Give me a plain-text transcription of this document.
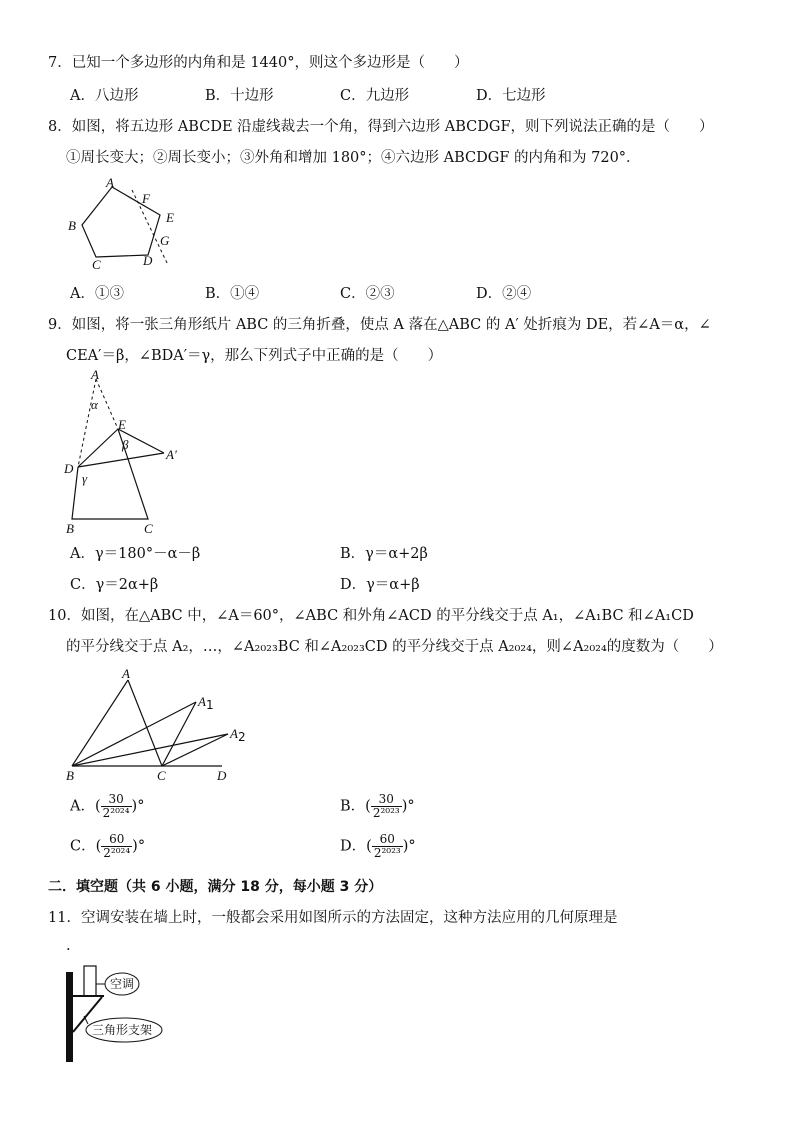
7．已知一个多边形的内角和是 1440°，则这个多边形是（　　）
A．八边形	B．十边形	C．九边形	D．七边形
8．如图，将五边形 ABCDE 沿虚线裁去一个角，得到六边形 ABCDGF，则下列说法正确的是（　　）
①周长变大；②周长变小；③外角和增加 180°；④六边形 ABCDGF 的内角和为 720°．
A
B
C	D
E
F
G
A．①③	B．①④	C．②③	D．②④
9．如图，将一张三角形纸片 ABC 的三角折叠，使点 A 落在△ABC 的 A′ 处折痕为 DE，若∠A＝α，∠
CEA′＝β，∠BDA′＝γ，那么下列式子中正确的是（　　）
A
α
E
β
A′
D
γ
B	C
A．γ＝180°－α－β	B．γ＝α+2β
C．γ＝2α+β	D．γ＝α+β
10．如图，在△ABC 中，∠A＝60°，∠ABC 和外角∠ACD 的平分线交于点 A₁，∠A₁BC 和∠A₁CD
的平分线交于点 A₂，…，∠A₂₀₂₃BC 和∠A₂₀₂₃CD 的平分线交于点 A₂₀₂₄，则∠A₂₀₂₄的度数为（　　）
A
A1
A2
B	C	D
A．( $\frac{30}{\text{2²⁰²⁴}}$ )°	B．( $\frac{30}{\text{2²⁰²³}}$ )°
C．( $\frac{60}{\text{2²⁰²⁴}}$ )°	D．( $\frac{60}{\text{2²⁰²³}}$ )°
二．填空题（共 6 小题，满分 18 分，每小题 3 分）
11．空调安装在墙上时，一般都会采用如图所示的方法固定，这种方法应用的几何原理是
.
空调
三角形支架
